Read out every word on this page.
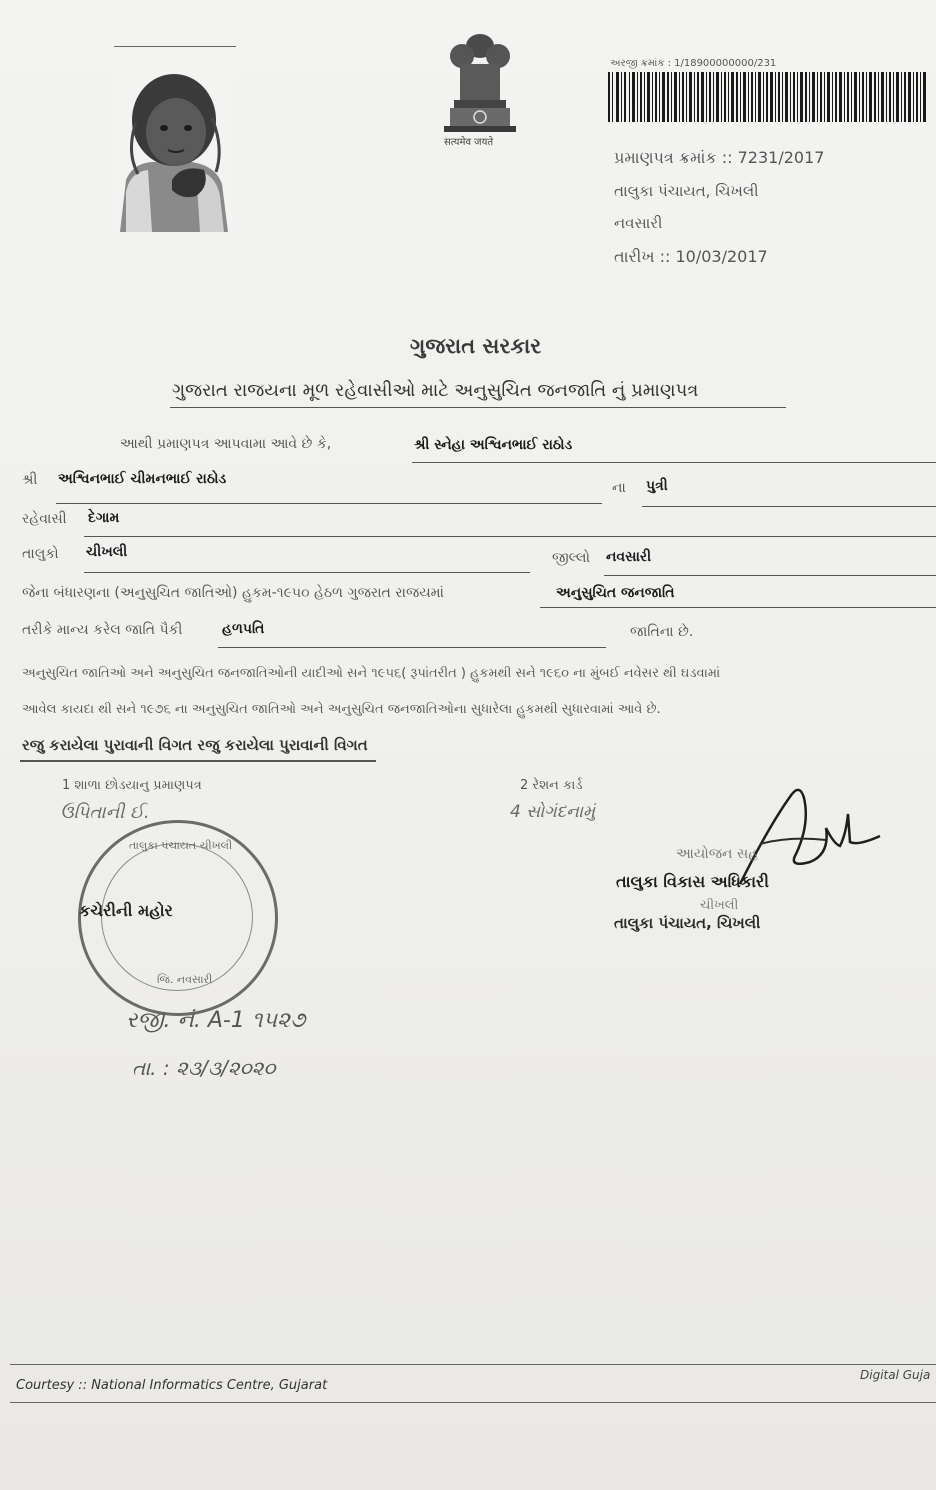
सत्यमेव जयते
અરજી ક્રમાંક : 1/18900000000/231
પ્રમાણપત્ર ક્રમાંક :: 7231/2017
તાલુકા પંચાયત, ચિખલી
નવસારી
તારીખ :: 10/03/2017
ગુજરાત સરકાર
ગુજરાત રાજયના મૂળ રહેવાસીઓ માટે અનુસુચિત જનજાતિ નું પ્રમાણપત્ર
આથી પ્રમાણપત્ર આપવામા આવે છે કે,	શ્રી સ્નેહા અશ્વિનભાઈ રાઠોડ
શ્રી અશ્વિનભાઈ ચીમનભાઈ રાઠોડ
ના પુત્રી
રહેવાસી દેગામ
તાલુકો ચીખલી	જીલ્લો નવસારી
જેના બંધારણના (અનુસુચિત જાતિઓ) હુકમ-૧૯૫૦ હેઠળ ગુજરાત રાજયમાં	અનુસુચિત જનજાતિ
તરીકે માન્ય કરેલ જાતિ પૈકી	હળપતિ	જાતિના છે.
અનુસુચિત જાતિઓ અને અનુસુચિત જનજાતિઓની યાદીઓ સને ૧૯૫૬( રૂપાંતરીત ) હુકમથી સને ૧૯૬૦ ના મુંબઈ નવેસર થી ઘડવામાં
આવેલ કાયદા થી સને ૧૯૭૬ ના અનુસુચિત જાતિઓ અને અનુસુચિત જનજાતિઓના સુધારેલા હુકમથી સુધારવામાં આવે છે.
રજુ કરાયેલા પુરાવાની વિગત રજુ કરાયેલા પુરાવાની વિગત
1 શાળા છોડયાનુ પ્રમાણપત્ર
ઉપિતાની ઈ.
2 રેશન કાર્ડ
4 સોગંદનામું
તાલુકા પંચાયત ચીખલી
કચેરીની મહોર
જિ. નવસારી
આયોજન સહ
તાલુકા વિકાસ અધિકારી
ચીખલી
તાલુકા પંચાયત, ચિખલી
રજી. નં. A-1 ૧૫૨૭
તા. : ૨૩/૩/૨૦૨૦
Courtesy :: National Informatics Centre, Gujarat
Digital Guja
